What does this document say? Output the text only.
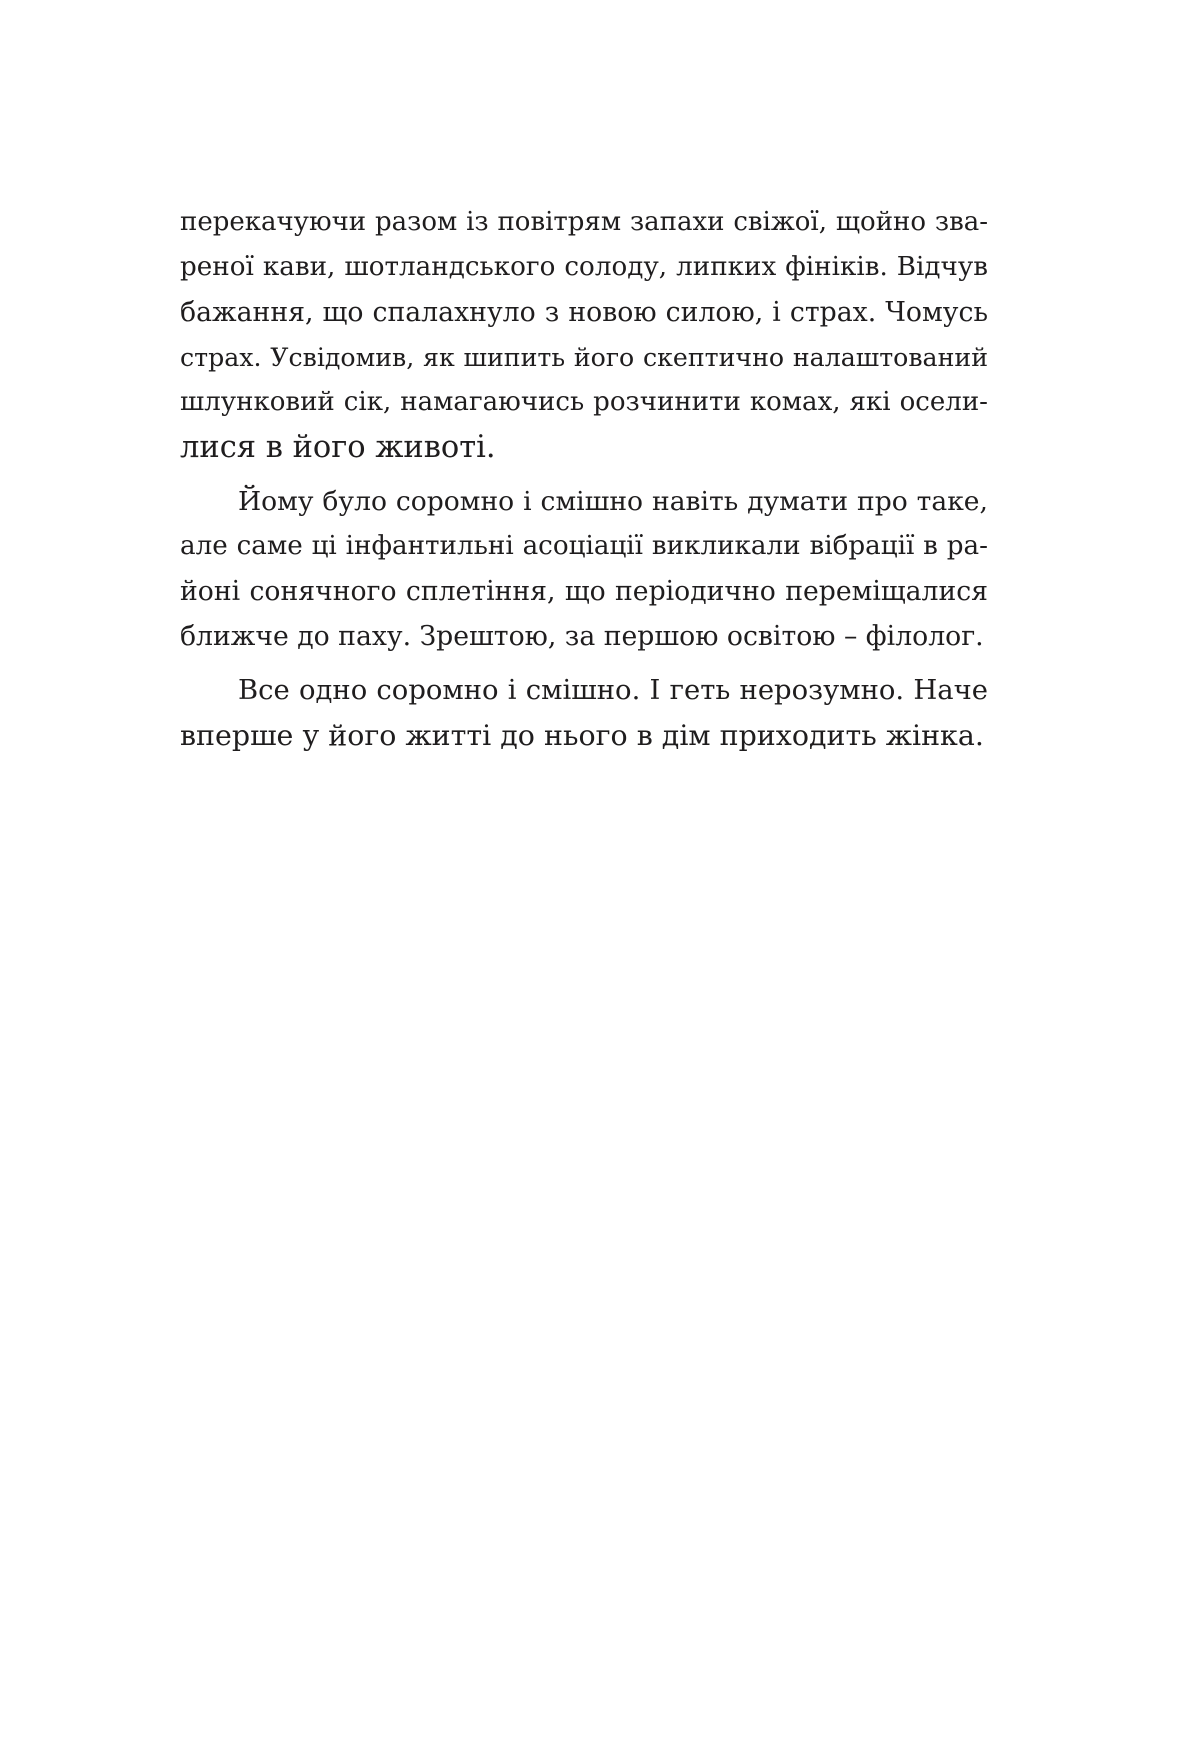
перекачуючи разом із повітрям запахи свіжої, щойно зва-
реної кави, шотландського солоду, липких фініків. Відчув
бажання, що спалахнуло з новою силою, і страх. Чомусь
страх. Усвідомив, як шипить його скептично налаштований
шлунковий сік, намагаючись розчинити комах, які осели-
лися в його животі.
Йому було соромно і смішно навіть думати про таке,
але саме ці інфантильні асоціації викликали вібрації в ра-
йоні сонячного сплетіння, що періодично переміщалися
ближче до паху. Зрештою, за першою освітою – філолог.
Все одно соромно і смішно. І геть нерозумно. Наче
вперше у його житті до нього в дім приходить жінка.
